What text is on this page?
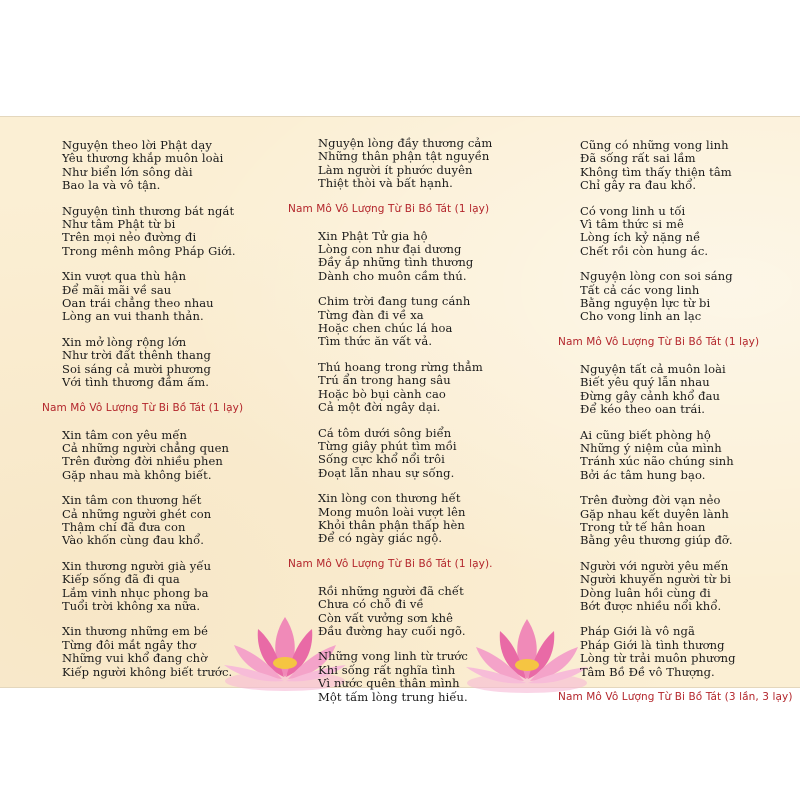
Nguyện theo lời Phật dạy
Yêu thương khắp muôn loài
Như biển lớn sông dài
Bao la và vô tận.
Nguyện tình thương bát ngát
Như tâm Phật từ bi
Trên mọi nẻo đường đi
Trong mênh mông Pháp Giới.
Xin vượt qua thù hận
Để mãi mãi về sau
Oan trái chẳng theo nhau
Lòng an vui thanh thản.
Xin mở lòng rộng lớn
Như trời đất thênh thang
Soi sáng cả mười phương
Với tình thương đầm ấm.
Nam Mô Vô Lượng Từ Bi Bồ Tát (1 lạy)
Xin tâm con yêu mến
Cả những người chẳng quen
Trên đường đời nhiều phen
Gặp nhau mà không biết.
Xin tâm con thương hết
Cả những người ghét con
Thậm chí đã đưa con
Vào khốn cùng đau khổ.
Xin thương người già yếu
Kiếp sống đã đi qua
Lắm vinh nhục phong ba
Tuổi trời không xa nữa.
Xin thương những em bé
Từng đôi mắt ngây thơ
Những vui khổ đang chờ
Kiếp người không biết trước.
Nguyện lòng đầy thương cảm
Những thân phận tật nguyền
Làm người ít phước duyên
Thiệt thòi và bất hạnh.
Nam Mô Vô Lượng Từ Bi Bồ Tát (1 lạy)
Xin Phật Tử gia hộ
Lòng con như đại dương
Đầy ắp những tình thương
Dành cho muôn cầm thú.
Chim trời đang tung cánh
Từng đàn đi về xa
Hoặc chen chúc lá hoa
Tìm thức ăn vất vả.
Thú hoang trong rừng thẳm
Trú ẩn trong hang sâu
Hoặc bò bụi cành cao
Cả một đời ngây dại.
Cá tôm dưới sông biển
Từng giây phút tìm mồi
Sống cực khổ nổi trôi
Đoạt lẫn nhau sự sống.
Xin lòng con thương hết
Mong muôn loài vượt lên
Khỏi thân phận thấp hèn
Để có ngày giác ngộ.
Nam Mô Vô Lượng Từ Bi Bồ Tát (1 lạy).
Rồi những người đã chết
Chưa có chỗ đi về
Còn vất vưởng sơn khê
Đầu đường hay cuối ngõ.
Những vong linh từ trước
Khi sống rất nghĩa tình
Vì nước quên thân mình
Một tấm lòng trung hiếu.
Cũng có những vong linh
Đã sống rất sai lầm
Không tìm thấy thiện tâm
Chỉ gây ra đau khổ.
Có vong linh u tối
Vì tâm thức si mê
Lòng ích kỷ nặng nề
Chết rồi còn hung ác.
Nguyện lòng con soi sáng
Tất cả các vong linh
Bằng nguyện lực từ bi
Cho vong linh an lạc
Nam Mô Vô Lượng Từ Bi Bồ Tát (1 lạy)
Nguyện tất cả muôn loài
Biết yêu quý lẫn nhau
Đừng gây cảnh khổ đau
Để kéo theo oan trái.
Ai cũng biết phòng hộ
Những ý niệm của mình
Tránh xúc não chúng sinh
Bởi ác tâm hung bạo.
Trên đường đời vạn nẻo
Gặp nhau kết duyên lành
Trong tử tế hân hoan
Bằng yêu thương giúp đỡ.
Người với người yêu mến
Người khuyến người từ bi
Dòng luân hồi cùng đi
Bớt được nhiều nổi khổ.
Pháp Giới là vô ngã
Pháp Giới là tình thương
Lòng từ trải muôn phương
Tâm Bồ Đề vô Thượng.
Nam Mô Vô Lượng Từ Bi Bồ Tát (3 lần, 3 lạy)
